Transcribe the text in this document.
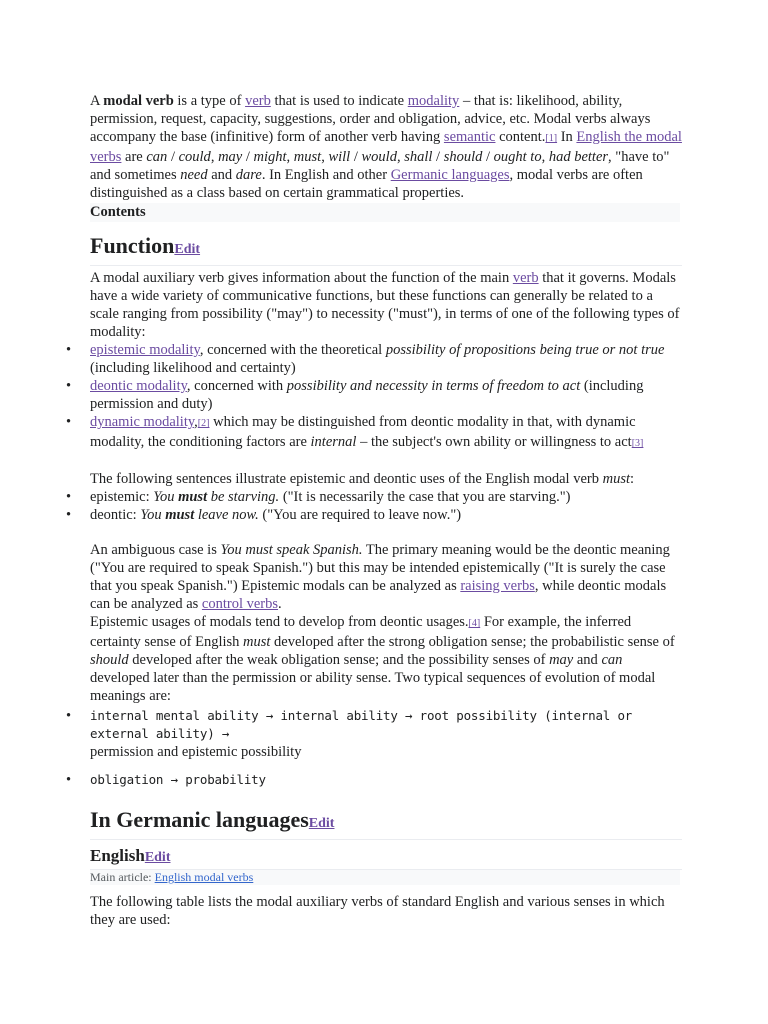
A modal verb is a type of verb that is used to indicate modality – that is: likelihood, ability, permission, request, capacity, suggestions, order and obligation, advice, etc. Modal verbs always accompany the base (infinitive) form of another verb having semantic content.[1] In English the modal verbs are can / could, may / might, must, will / would, shall / should / ought to, had better, "have to" and sometimes need and dare. In English and other Germanic languages, modal verbs are often distinguished as a class based on certain grammatical properties.

Contents
FunctionEdit

A modal auxiliary verb gives information about the function of the main verb that it governs. Modals have a wide variety of communicative functions, but these functions can generally be related to a scale ranging from possibility ("may") to necessity ("must"), in terms of one of the following types of modality:

• epistemic modality, concerned with the theoretical possibility of propositions being true or not true (including likelihood and certainty)
• deontic modality, concerned with possibility and necessity in terms of freedom to act (including permission and duty)
• dynamic modality,[2] which may be distinguished from deontic modality in that, with dynamic modality, the conditioning factors are internal – the subject's own ability or willingness to act[3]

The following sentences illustrate epistemic and deontic uses of the English modal verb must:

• epistemic: You must be starving. ("It is necessarily the case that you are starving.")
• deontic: You must leave now. ("You are required to leave now.")

An ambiguous case is You must speak Spanish. The primary meaning would be the deontic meaning ("You are required to speak Spanish.") but this may be intended epistemically ("It is surely the case that you speak Spanish.") Epistemic modals can be analyzed as raising verbs, while deontic modals can be analyzed as control verbs.

Epistemic usages of modals tend to develop from deontic usages.[4] For example, the inferred certainty sense of English must developed after the strong obligation sense; the probabilistic sense of should developed after the weak obligation sense; and the possibility senses of may and can developed later than the permission or ability sense. Two typical sequences of evolution of modal meanings are:

• internal mental ability → internal ability → root possibility (internal or external ability) →
permission and epistemic possibility
• obligation → probability
In Germanic languagesEdit
EnglishEdit
Main article: English modal verbs

The following table lists the modal auxiliary verbs of standard English and various senses in which they are used:
